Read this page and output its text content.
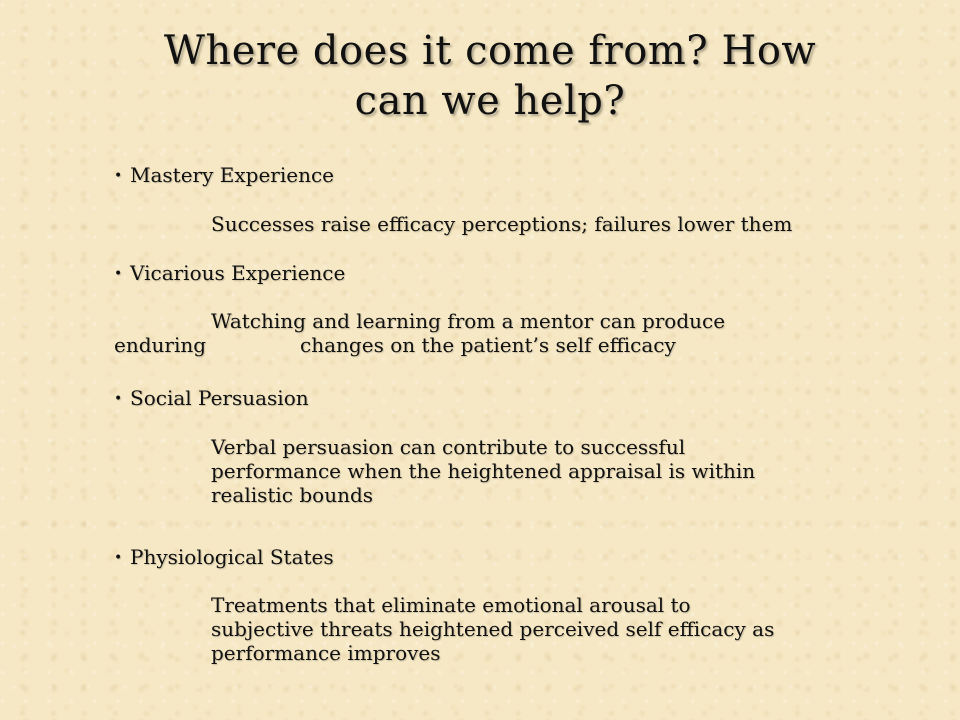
Where does it come from? How
can we help?

• Mastery Experience

Successes raise efficacy perceptions; failures lower them

• Vicarious Experience

Watching and learning from a mentor can produce
enduring	changes on the patient’s self efficacy

• Social Persuasion

Verbal persuasion can contribute to successful
performance when the heightened appraisal is within
realistic bounds

• Physiological States

Treatments that eliminate emotional arousal to
subjective threats heightened perceived self efficacy as
performance improves
